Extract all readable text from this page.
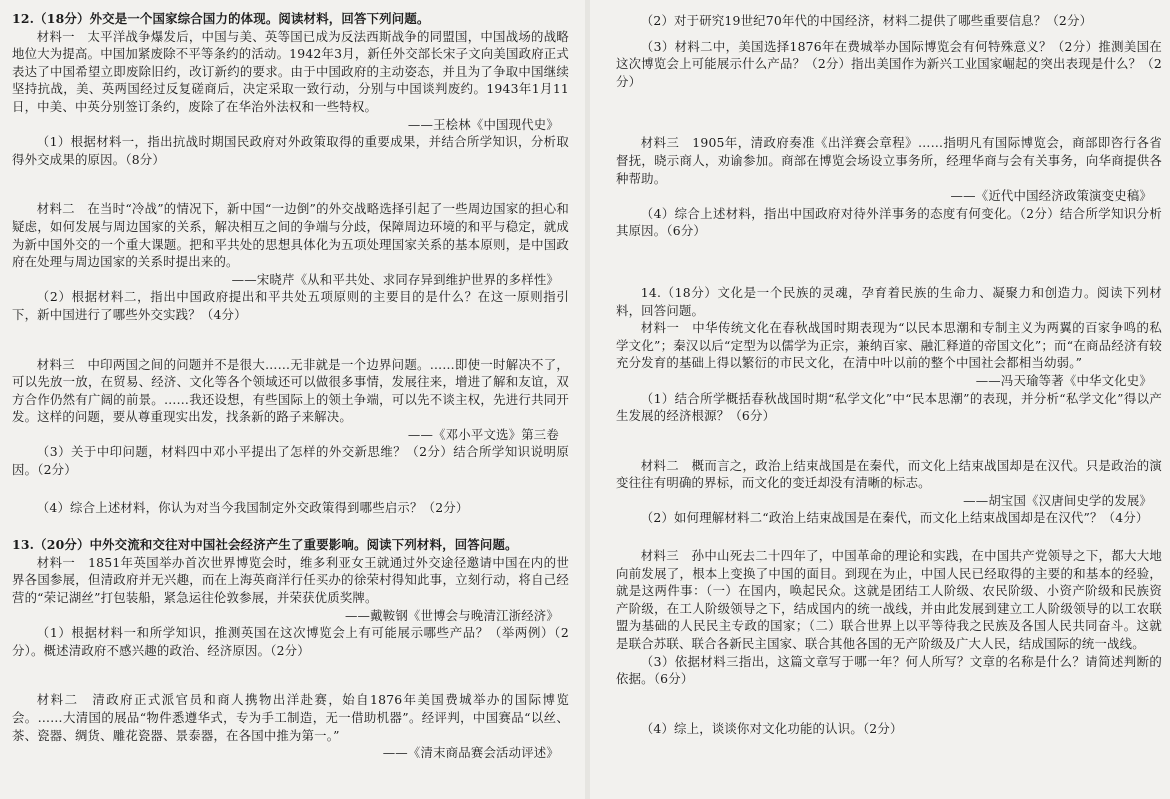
12.（18分）外交是一个国家综合国力的体现。阅读材料，回答下列问题。

材料一　太平洋战争爆发后，中国与美、英等国已成为反法西斯战争的同盟国，中国战场的战略地位大为提高。中国加紧废除不平等条约的活动。1942年3月，新任外交部长宋子文向美国政府正式表达了中国希望立即废除旧约，改订新约的要求。由于中国政府的主动姿态，并且为了争取中国继续坚持抗战，美、英两国经过反复磋商后，决定采取一致行动，分别与中国谈判废约。1943年1月11日，中美、中英分别签订条约，废除了在华治外法权和一些特权。

——王桧林《中国现代史》

（1）根据材料一，指出抗战时期国民政府对外政策取得的重要成果，并结合所学知识，分析取得外交成果的原因。（8分）

材料二　在当时“冷战”的情况下，新中国“一边倒”的外交战略选择引起了一些周边国家的担心和疑虑，如何发展与周边国家的关系，解决相互之间的争端与分歧，保障周边环境的和平与稳定，就成为新中国外交的一个重大课题。把和平共处的思想具体化为五项处理国家关系的基本原则，是中国政府在处理与周边国家的关系时提出来的。

——宋晓芹《从和平共处、求同存异到维护世界的多样性》

（2）根据材料二，指出中国政府提出和平共处五项原则的主要目的是什么？在这一原则指引下，新中国进行了哪些外交实践？（4分）

材料三　中印两国之间的问题并不是很大……无非就是一个边界问题。……即使一时解决不了，可以先放一放，在贸易、经济、文化等各个领域还可以做很多事情，发展往来，增进了解和友谊，双方合作仍然有广阔的前景。……我还设想，有些国际上的领土争端，可以先不谈主权，先进行共同开发。这样的问题，要从尊重现实出发，找条新的路子来解决。

——《邓小平文选》第三卷

（3）关于中印问题，材料四中邓小平提出了怎样的外交新思维？（2分）结合所学知识说明原因。（2分）

（4）综合上述材料，你认为对当今我国制定外交政策得到哪些启示？（2分）

13.（20分）中外交流和交往对中国社会经济产生了重要影响。阅读下列材料，回答问题。

材料一　1851年英国举办首次世界博览会时，维多利亚女王就通过外交途径邀请中国在内的世界各国参展，但清政府并无兴趣，而在上海英商洋行任买办的徐荣村得知此事，立刻行动，将自己经营的“荣记湖丝”打包装船，紧急运往伦敦参展，并荣获优质奖牌。

——戴鞍钢《世博会与晚清江浙经济》

（1）根据材料一和所学知识，推测英国在这次博览会上有可能展示哪些产品？（举两例）（2分）。概述清政府不感兴趣的政治、经济原因。（2分）

材料二　清政府正式派官员和商人携物出洋赴赛，始自1876年美国费城举办的国际博览会。……大清国的展品“物件悉遵华式，专为手工制造，无一借助机器”。经评判，中国赛品“以丝、茶、瓷器、绸货、雕花瓷器、景泰器，在各国中推为第一。”

——《清末商品赛会活动评述》

（2）对于研究19世纪70年代的中国经济，材料二提供了哪些重要信息？（2分）

（3）材料二中，美国选择1876年在费城举办国际博览会有何特殊意义？（2分）推测美国在这次博览会上可能展示什么产品？（2分）指出美国作为新兴工业国家崛起的突出表现是什么？（2分）

材料三　1905年，清政府奏准《出洋赛会章程》……指明凡有国际博览会，商部即咨行各省督抚，晓示商人，劝谕参加。商部在博览会场设立事务所，经理华商与会有关事务，向华商提供各种帮助。

——《近代中国经济政策演变史稿》

（4）综合上述材料，指出中国政府对待外洋事务的态度有何变化。（2分）结合所学知识分析其原因。（6分）

14.（18分）文化是一个民族的灵魂，孕育着民族的生命力、凝聚力和创造力。阅读下列材料，回答问题。

材料一　中华传统文化在春秋战国时期表现为“以民本思潮和专制主义为两翼的百家争鸣的私学文化”；秦汉以后“定型为以儒学为正宗，兼纳百家、融汇释道的帝国文化”；而“在商品经济有较充分发育的基础上得以繁衍的市民文化，在清中叶以前的整个中国社会都相当幼弱。”

——冯天瑜等著《中华文化史》

（1）结合所学概括春秋战国时期“私学文化”中“民本思潮”的表现，并分析“私学文化”得以产生发展的经济根源？（6分）

材料二　概而言之，政治上结束战国是在秦代，而文化上结束战国却是在汉代。只是政治的演变往往有明确的界标，而文化的变迁却没有清晰的标志。

——胡宝国《汉唐间史学的发展》

（2）如何理解材料二“政治上结束战国是在秦代，而文化上结束战国却是在汉代”？（4分）

材料三　孙中山死去二十四年了，中国革命的理论和实践，在中国共产党领导之下，都大大地向前发展了，根本上变换了中国的面目。到现在为止，中国人民已经取得的主要的和基本的经验，就是这两件事：（一）在国内，唤起民众。这就是团结工人阶级、农民阶级、小资产阶级和民族资产阶级，在工人阶级领导之下，结成国内的统一战线，并由此发展到建立工人阶级领导的以工农联盟为基础的人民民主专政的国家；（二）联合世界上以平等待我之民族及各国人民共同奋斗。这就是联合苏联、联合各新民主国家、联合其他各国的无产阶级及广大人民，结成国际的统一战线。

（3）依据材料三指出，这篇文章写于哪一年？何人所写？文章的名称是什么？请简述判断的依据。（6分）

（4）综上，谈谈你对文化功能的认识。（2分）
